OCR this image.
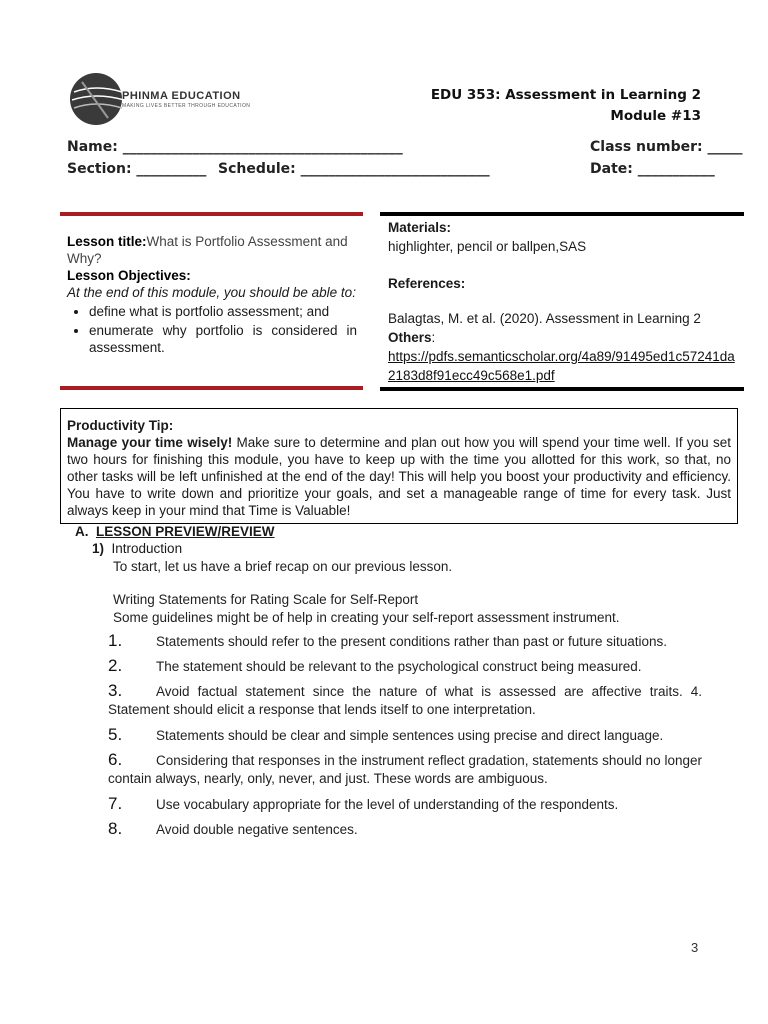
PHINMA EDUCATION
MAKING LIVES BETTER THROUGH EDUCATION
EDU 353: Assessment in Learning 2
Module #13
Name: ________________________________________	Class number: _____
Section: __________ Schedule: ___________________________	Date: ___________
Lesson title:What is Portfolio Assessment and Why?
Lesson Objectives:
At the end of this module, you should be able to:
• define what is portfolio assessment; and
• enumerate why portfolio is considered in assessment.
Materials:
highlighter, pencil or ballpen,SAS
References:
Balagtas, M. et al. (2020). Assessment in Learning 2
Others:
https://pdfs.semanticscholar.org/4a89/91495ed1c57241da2183d8f91ecc49c568e1.pdf
Productivity Tip:
Manage your time wisely! Make sure to determine and plan out how you will spend your time well. If you set two hours for finishing this module, you have to keep up with the time you allotted for this work, so that, no other tasks will be left unfinished at the end of the day! This will help you boost your productivity and efficiency. You have to write down and prioritize your goals, and set a manageable range of time for every task. Just always keep in your mind that Time is Valuable!
A. LESSON PREVIEW/REVIEW
1) Introduction
To start, let us have a brief recap on our previous lesson.
Writing Statements for Rating Scale for Self-Report
Some guidelines might be of help in creating your self-report assessment instrument.
1.	Statements should refer to the present conditions rather than past or future situations.
2.	The statement should be relevant to the psychological construct being measured.
3.	Avoid factual statement since the nature of what is assessed are affective traits. 4. Statement should elicit a response that lends itself to one interpretation.
5.	Statements should be clear and simple sentences using precise and direct language.
6.	Considering that responses in the instrument reflect gradation, statements should no longer contain always, nearly, only, never, and just. These words are ambiguous.
7.	Use vocabulary appropriate for the level of understanding of the respondents.
8.	Avoid double negative sentences.
3
